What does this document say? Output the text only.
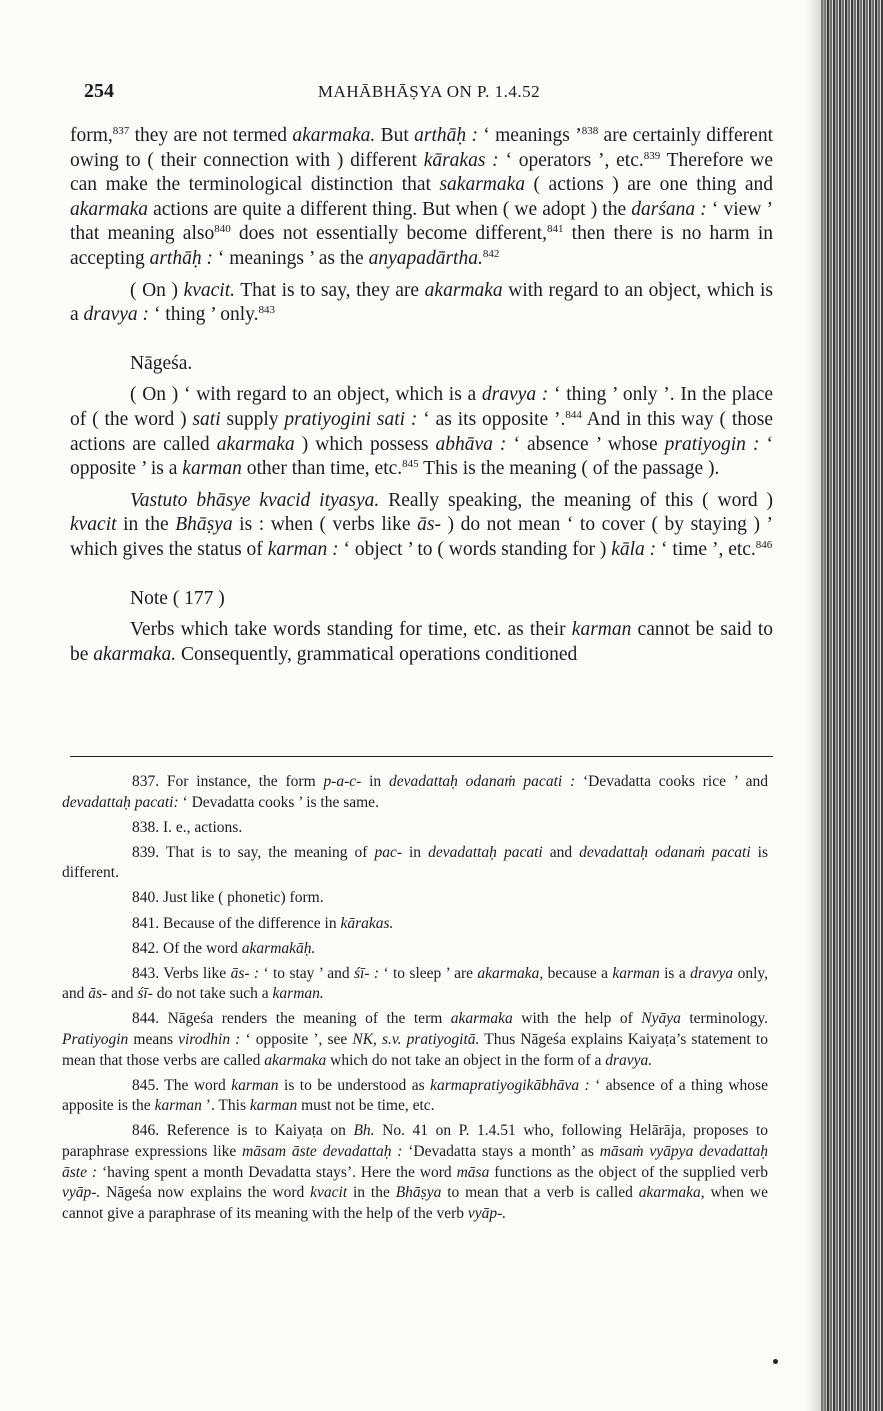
254	MAHĀBHĀṢYA ON P. 1.4.52

form,$^{837}$ they are not termed akarmaka. But arthāḥ : ‘ meanings ’$^{838}$ are certainly different owing to ( their connection with ) different kārakas : ‘ operators ’, etc.$^{839}$ Therefore we can make the terminological distinction that sakarmaka ( actions ) are one thing and akarmaka actions are quite a different thing. But when ( we adopt ) the darśana : ‘ view ’ that meaning also$^{840}$ does not essentially become different,$^{841}$ then there is no harm in accepting arthāḥ : ‘ meanings ’ as the anyapadārtha.$^{842}$

( On ) kvacit. That is to say, they are akarmaka with regard to an object, which is a dravya : ‘ thing ’ only.$^{843}$

Nāgeśa.

( On ) ‘ with regard to an object, which is a dravya : ‘ thing ’ only ’. In the place of ( the word ) sati supply pratiyogini sati : ‘ as its opposite ’.$^{844}$ And in this way ( those actions are called akarmaka ) which possess abhāva : ‘ absence ’ whose pratiyogin : ‘ opposite ’ is a karman other than time, etc.$^{845}$ This is the meaning ( of the passage ).

Vastuto bhāsye kvacid ityasya. Really speaking, the meaning of this ( word ) kvacit in the Bhāṣya is : when ( verbs like ās- ) do not mean ‘ to cover ( by staying ) ’ which gives the status of karman : ‘ object ’ to ( words standing for ) kāla : ‘ time ’, etc.$^{846}$

Note ( 177 )

Verbs which take words standing for time, etc. as their karman cannot be said to be akarmaka. Consequently, grammatical operations conditioned

837. For instance, the form p-a-c- in devadattaḥ odanaṁ pacati : ‘Devadatta cooks rice ’ and devadattaḥ pacati: ‘ Devadatta cooks ’ is the same.

838. I. e., actions.

839. That is to say, the meaning of pac- in devadattaḥ pacati and devadattaḥ odanaṁ pacati is different.

840. Just like ( phonetic) form.

841. Because of the difference in kārakas.

842. Of the word akarmakāḥ.

843. Verbs like ās- : ‘ to stay ’ and śī- : ‘ to sleep ’ are akarmaka, because a karman is a dravya only, and ās- and śī- do not take such a karman.

844. Nāgeśa renders the meaning of the term akarmaka with the help of Nyāya terminology. Pratiyogin means virodhin : ‘ opposite ’, see NK, s.v. pratiyogitā. Thus Nāgeśa explains Kaiyaṭa’s statement to mean that those verbs are called akarmaka which do not take an object in the form of a dravya.

845. The word karman is to be understood as karmapratiyogikābhāva : ‘ absence of a thing whose apposite is the karman ’. This karman must not be time, etc.

846. Reference is to Kaiyaṭa on Bh. No. 41 on P. 1.4.51 who, following Helārāja, proposes to paraphrase expressions like māsam āste devadattaḥ : ‘Devadatta stays a month’ as māsaṁ vyāpya devadattaḥ āste : ‘having spent a month Devadatta stays’. Here the word māsa functions as the object of the supplied verb vyāp-. Nāgeśa now explains the word kvacit in the Bhāṣya to mean that a verb is called akarmaka, when we cannot give a paraphrase of its meaning with the help of the verb vyāp-.
